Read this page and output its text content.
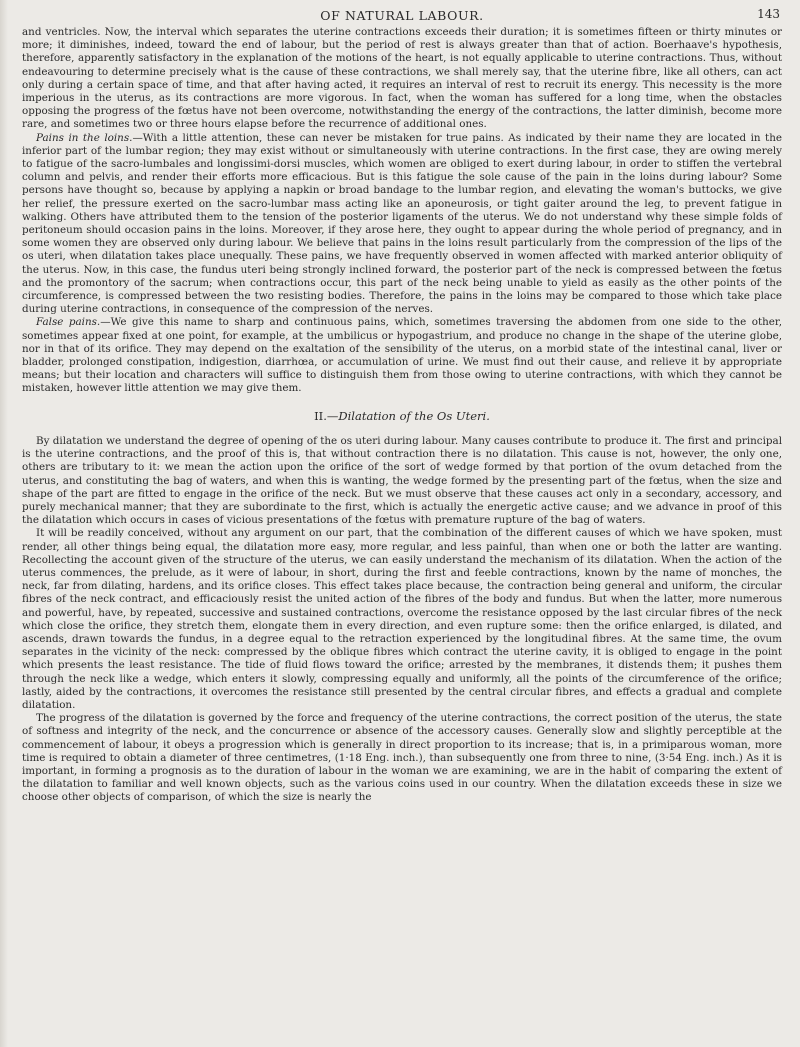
OF NATURAL LABOUR.	143

and ventricles. Now, the interval which separates the uterine contractions exceeds their duration; it is sometimes fifteen or thirty minutes or more; it diminishes, indeed, toward the end of labour, but the period of rest is always greater than that of action. Boerhaave's hypothesis, therefore, apparently satisfactory in the explanation of the motions of the heart, is not equally applicable to uterine contractions. Thus, without endeavouring to determine precisely what is the cause of these contractions, we shall merely say, that the uterine fibre, like all others, can act only during a certain space of time, and that after having acted, it requires an interval of rest to recruit its energy. This necessity is the more imperious in the uterus, as its contractions are more vigorous. In fact, when the woman has suffered for a long time, when the obstacles opposing the progress of the fœtus have not been overcome, notwithstanding the energy of the contractions, the latter diminish, become more rare, and sometimes two or three hours elapse before the recurrence of additional ones.

Pains in the loins.—With a little attention, these can never be mistaken for true pains. As indicated by their name they are located in the inferior part of the lumbar region; they may exist without or simultaneously with uterine contractions. In the first case, they are owing merely to fatigue of the sacro-lumbales and longissimi-dorsi muscles, which women are obliged to exert during labour, in order to stiffen the vertebral column and pelvis, and render their efforts more efficacious. But is this fatigue the sole cause of the pain in the loins during labour? Some persons have thought so, because by applying a napkin or broad bandage to the lumbar region, and elevating the woman's buttocks, we give her relief, the pressure exerted on the sacro-lumbar mass acting like an aponeurosis, or tight gaiter around the leg, to prevent fatigue in walking. Others have attributed them to the tension of the posterior ligaments of the uterus. We do not understand why these simple folds of peritoneum should occasion pains in the loins. Moreover, if they arose here, they ought to appear during the whole period of pregnancy, and in some women they are observed only during labour. We believe that pains in the loins result particularly from the compression of the lips of the os uteri, when dilatation takes place unequally. These pains, we have frequently observed in women affected with marked anterior obliquity of the uterus. Now, in this case, the fundus uteri being strongly inclined forward, the posterior part of the neck is compressed between the fœtus and the promontory of the sacrum; when contractions occur, this part of the neck being unable to yield as easily as the other points of the circumference, is compressed between the two resisting bodies. Therefore, the pains in the loins may be compared to those which take place during uterine contractions, in consequence of the compression of the nerves.

False pains.—We give this name to sharp and continuous pains, which, sometimes traversing the abdomen from one side to the other, sometimes appear fixed at one point, for example, at the umbilicus or hypogastrium, and produce no change in the shape of the uterine globe, nor in that of its orifice. They may depend on the exaltation of the sensibility of the uterus, on a morbid state of the intestinal canal, liver or bladder, prolonged constipation, indigestion, diarrhœa, or accumulation of urine. We must find out their cause, and relieve it by appropriate means; but their location and characters will suffice to distinguish them from those owing to uterine contractions, with which they cannot be mistaken, however little attention we may give them.

II.—Dilatation of the Os Uteri.

By dilatation we understand the degree of opening of the os uteri during labour. Many causes contribute to produce it. The first and principal is the uterine contractions, and the proof of this is, that without contraction there is no dilatation. This cause is not, however, the only one, others are tributary to it: we mean the action upon the orifice of the sort of wedge formed by that portion of the ovum detached from the uterus, and constituting the bag of waters, and when this is wanting, the wedge formed by the presenting part of the fœtus, when the size and shape of the part are fitted to engage in the orifice of the neck. But we must observe that these causes act only in a secondary, accessory, and purely mechanical manner; that they are subordinate to the first, which is actually the energetic active cause; and we advance in proof of this the dilatation which occurs in cases of vicious presentations of the fœtus with premature rupture of the bag of waters.

It will be readily conceived, without any argument on our part, that the combination of the different causes of which we have spoken, must render, all other things being equal, the dilatation more easy, more regular, and less painful, than when one or both the latter are wanting. Recollecting the account given of the structure of the uterus, we can easily understand the mechanism of its dilatation. When the action of the uterus commences, the prelude, as it were of labour, in short, during the first and feeble contractions, known by the name of monches, the neck, far from dilating, hardens, and its orifice closes. This effect takes place because, the contraction being general and uniform, the circular fibres of the neck contract, and efficaciously resist the united action of the fibres of the body and fundus. But when the latter, more numerous and powerful, have, by repeated, successive and sustained contractions, overcome the resistance opposed by the last circular fibres of the neck which close the orifice, they stretch them, elongate them in every direction, and even rupture some: then the orifice enlarged, is dilated, and ascends, drawn towards the fundus, in a degree equal to the retraction experienced by the longitudinal fibres. At the same time, the ovum separates in the vicinity of the neck: compressed by the oblique fibres which contract the uterine cavity, it is obliged to engage in the point which presents the least resistance. The tide of fluid flows toward the orifice; arrested by the membranes, it distends them; it pushes them through the neck like a wedge, which enters it slowly, compressing equally and uniformly, all the points of the circumference of the orifice; lastly, aided by the contractions, it overcomes the resistance still presented by the central circular fibres, and effects a gradual and complete dilatation.

The progress of the dilatation is governed by the force and frequency of the uterine contractions, the correct position of the uterus, the state of softness and integrity of the neck, and the concurrence or absence of the accessory causes. Generally slow and slightly perceptible at the commencement of labour, it obeys a progression which is generally in direct proportion to its increase; that is, in a primiparous woman, more time is required to obtain a diameter of three centimetres, (1·18 Eng. inch.), than subsequently one from three to nine, (3·54 Eng. inch.) As it is important, in forming a prognosis as to the duration of labour in the woman we are examining, we are in the habit of comparing the extent of the dilatation to familiar and well known objects, such as the various coins used in our country. When the dilatation exceeds these in size we choose other objects of comparison, of which the size is nearly the
